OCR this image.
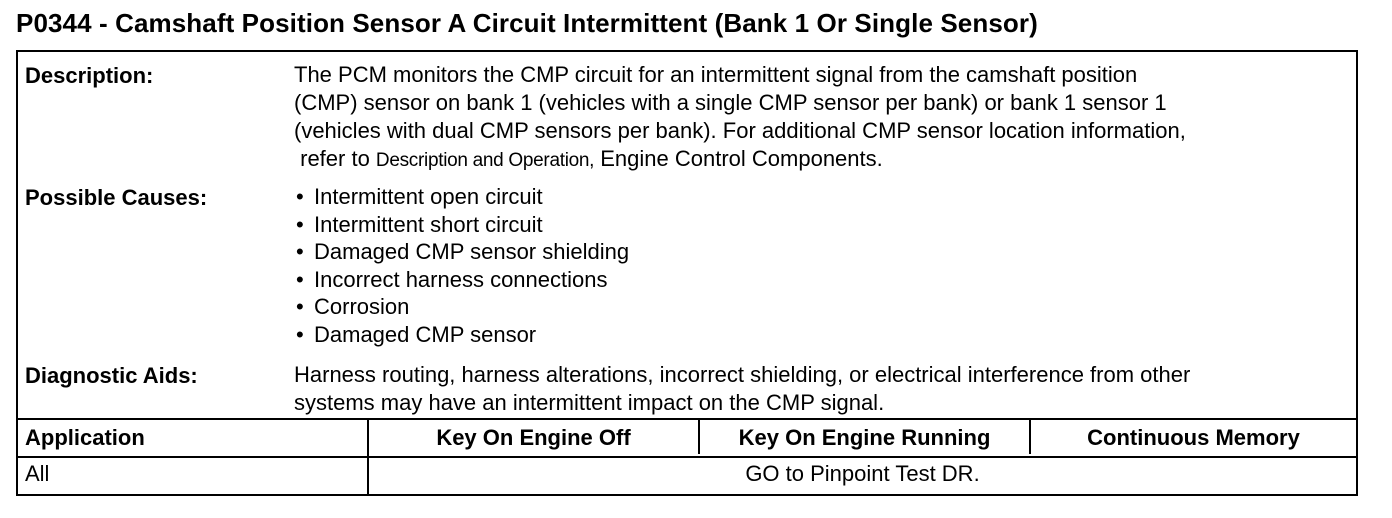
P0344 - Camshaft Position Sensor A Circuit Intermittent (Bank 1 Or Single Sensor)
Description:	The PCM monitors the CMP circuit for an intermittent signal from the camshaft position
(CMP) sensor on bank 1 (vehicles with a single CMP sensor per bank) or bank 1 sensor 1
(vehicles with dual CMP sensors per bank). For additional CMP sensor location information,
refer to Description and Operation, Engine Control Components.
Possible Causes:
•	Intermittent open circuit
• Intermittent short circuit
• Damaged CMP sensor shielding
• Incorrect harness connections
• Corrosion
• Damaged CMP sensor
Diagnostic Aids:	Harness routing, harness alterations, incorrect shielding, or electrical interference from other
systems may have an intermittent impact on the CMP signal.
Application	Key On Engine Off	Key On Engine Running	Continuous Memory
All	GO to Pinpoint Test DR.
